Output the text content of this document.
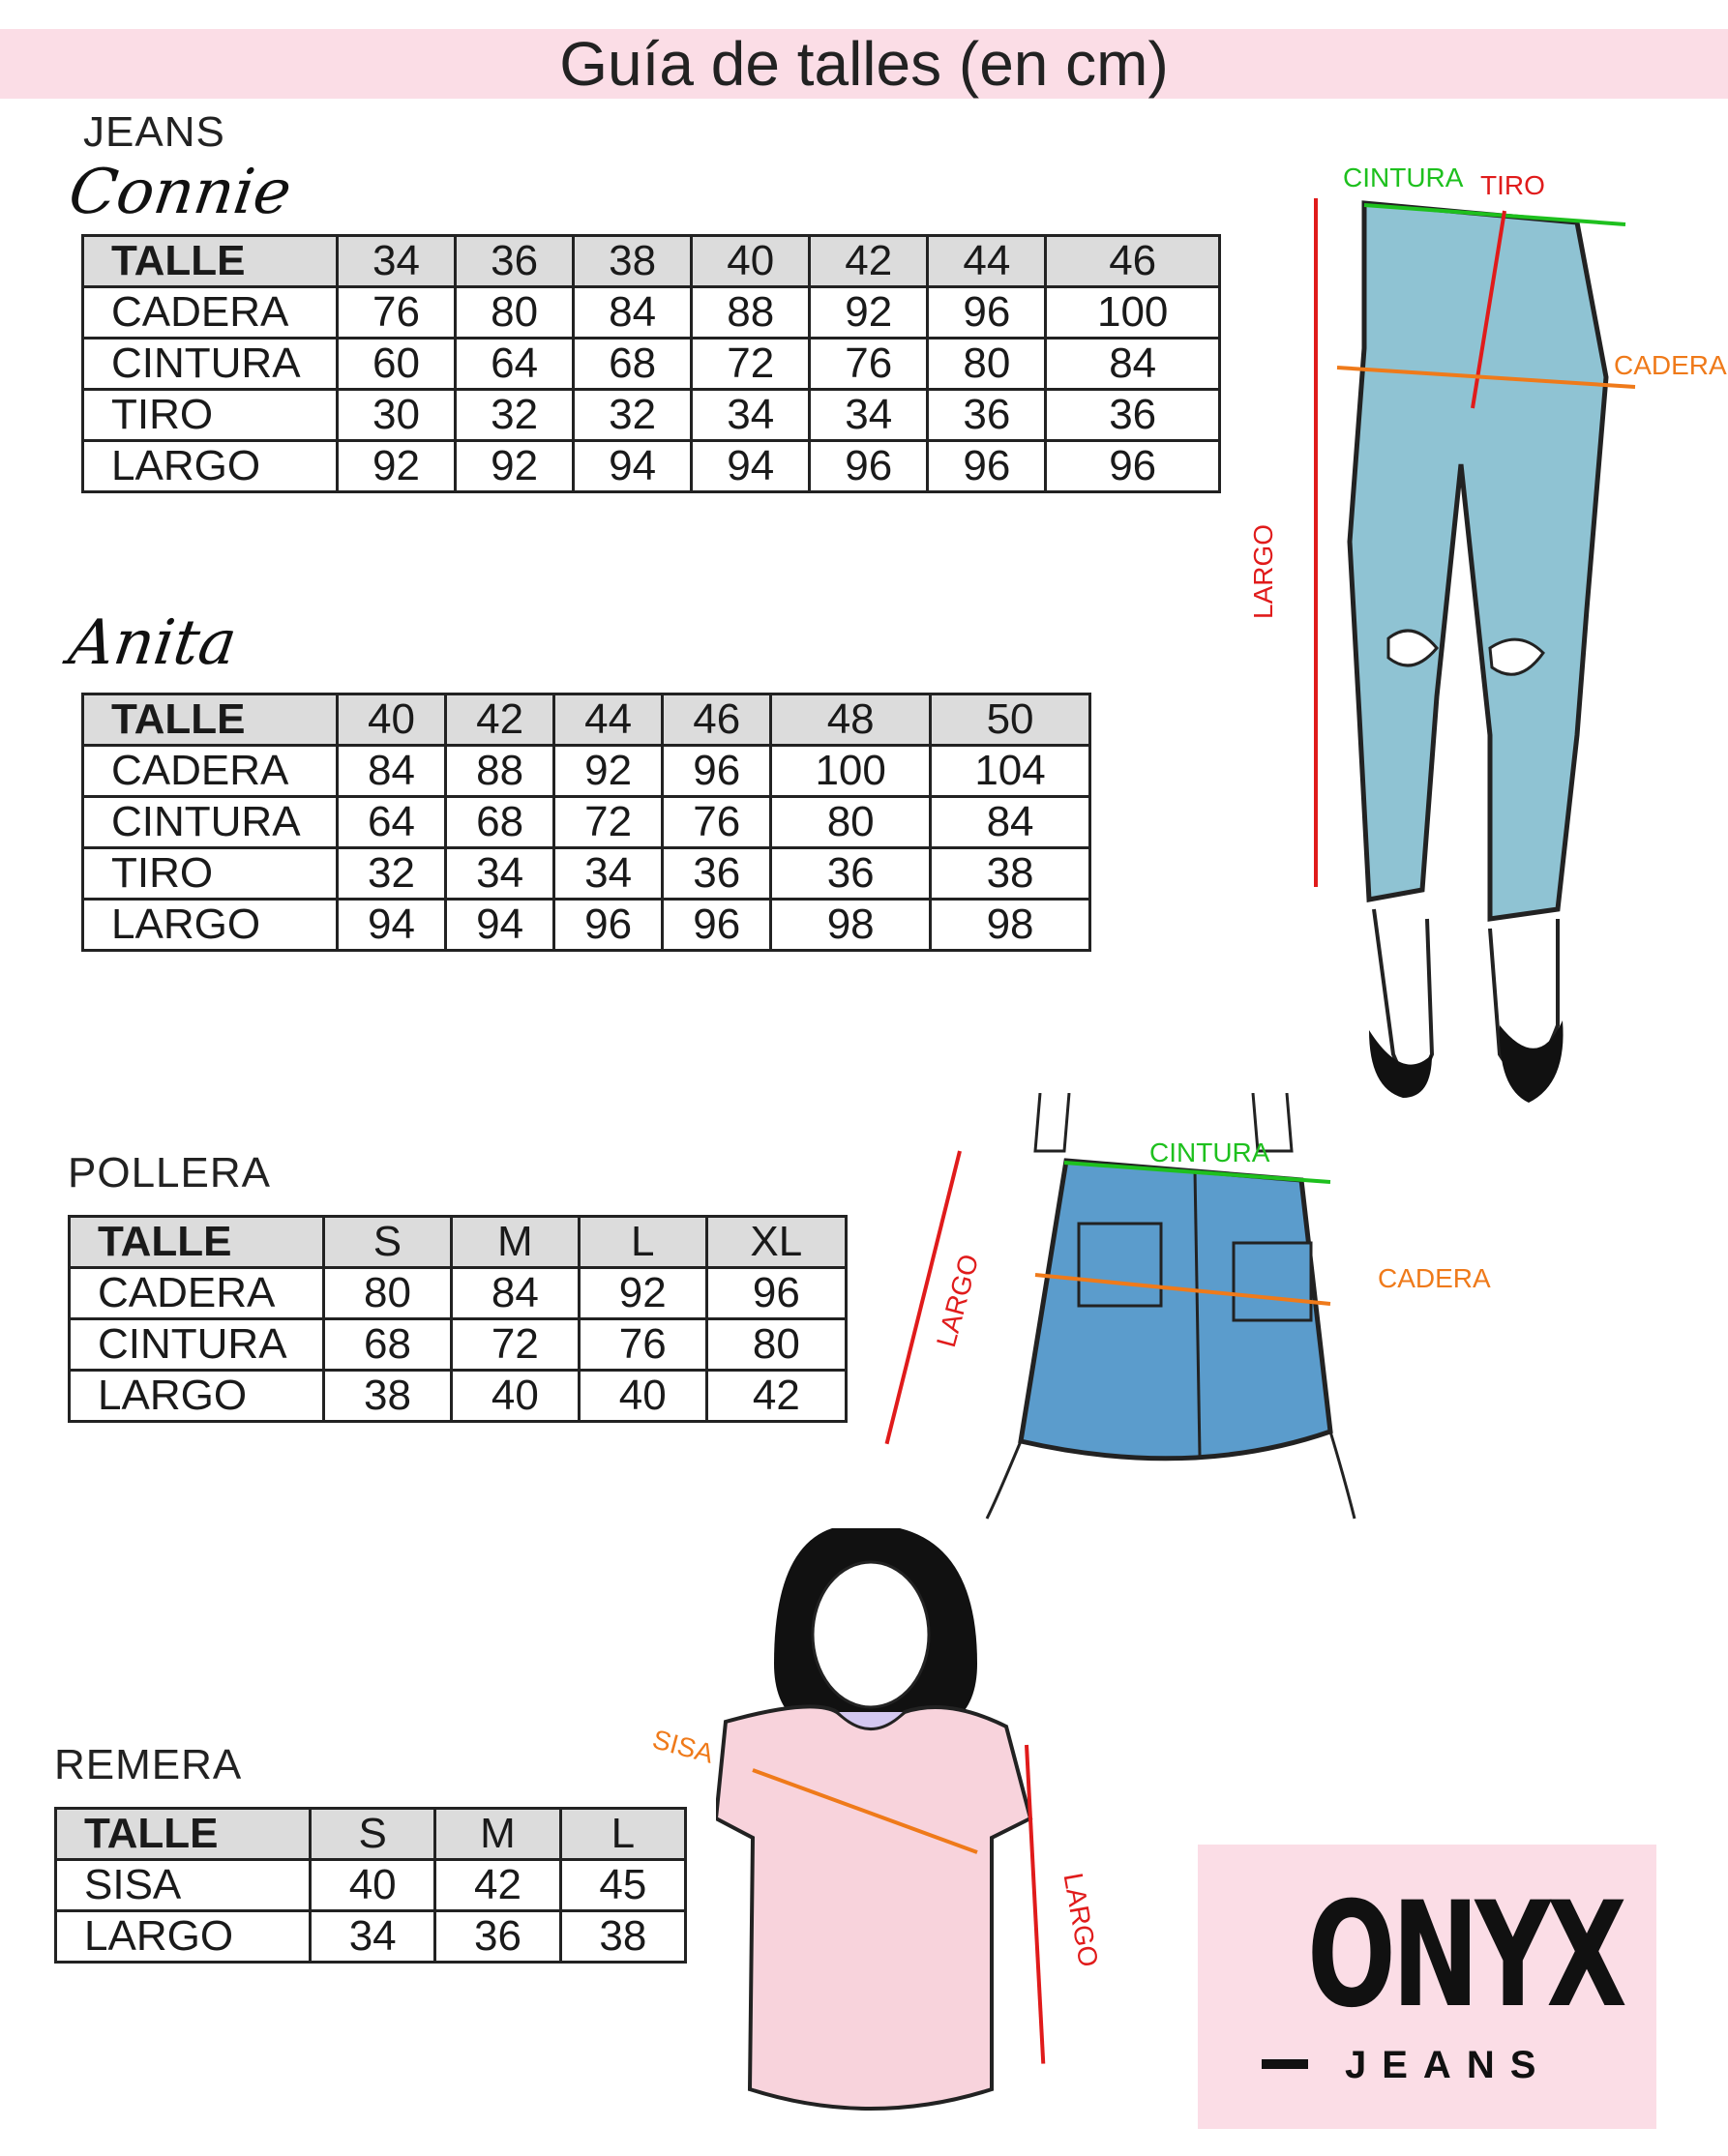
Guía de talles (en cm)
JEANS
Connie
TALLE	34	36	38	40	42	44	46
CADERA	76	80	84	88	92	96	100
CINTURA	60	64	68	72	76	80	84
TIRO	30	32	32	34	34	36	36
LARGO	92	92	94	94	96	96	96
Anita
TALLE	40	42	44	46	48	50
CADERA	84	88	92	96	100	104
CINTURA	64	68	72	76	80	84
TIRO	32	34	34	36	36	38
LARGO	94	94	96	96	98	98
POLLERA
TALLE	S	M	L	XL
CADERA	80	84	92	96
CINTURA	68	72	76	80
LARGO	38	40	40	42
REMERA
TALLE	S	M	L
SISA	40	42	45
LARGO	34	36	38
CINTURA TIRO
CADERA
LARGO
CINTURA
CADERA
LARGO
SISA
LARGO ONYX
JEANS
